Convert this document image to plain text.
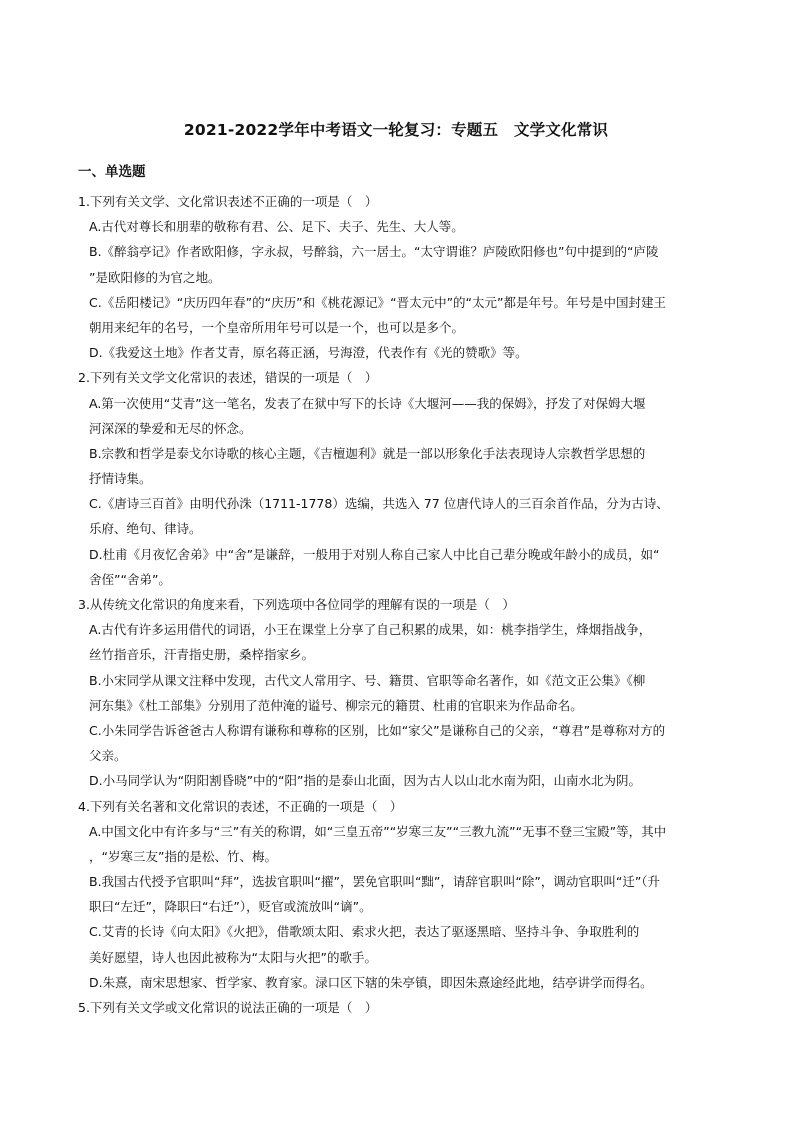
2021-2022学年中考语文一轮复习：专题五　文学文化常识
一、单选题
1.下列有关文学、文化常识表述不正确的一项是（　）
A.古代对尊长和朋辈的敬称有君、公、足下、夫子、先生、大人等。
B.《醉翁亭记》作者欧阳修，字永叔，号醉翁，六一居士。“太守谓谁？庐陵欧阳修也”句中提到的“庐陵
”是欧阳修的为官之地。
C.《岳阳楼记》“庆历四年春”的“庆历”和《桃花源记》“晋太元中”的“太元”都是年号。年号是中国封建王
朝用来纪年的名号，一个皇帝所用年号可以是一个，也可以是多个。
D.《我爱这土地》作者艾青，原名蒋正涵，号海澄，代表作有《光的赞歌》等。
2.下列有关文学文化常识的表述，错误的一项是（　）
A.第一次使用“艾青”这一笔名，发表了在狱中写下的长诗《大堰河——我的保姆》，抒发了对保姆大堰
河深深的挚爱和无尽的怀念。
B.宗教和哲学是泰戈尔诗歌的核心主题，《吉檀迦利》就是一部以形象化手法表现诗人宗教哲学思想的
抒情诗集。
C.《唐诗三百首》由明代孙洙（1711-1778）选编，共选入 77 位唐代诗人的三百余首作品，分为古诗、
乐府、绝句、律诗。
D.杜甫《月夜忆舍弟》中“舍”是谦辞，一般用于对别人称自己家人中比自己辈分晚或年龄小的成员，如“
舍侄”“舍弟”。
3.从传统文化常识的角度来看，下列选项中各位同学的理解有误的一项是（　）
A.古代有许多运用借代的词语，小王在课堂上分享了自己积累的成果，如：桃李指学生，烽烟指战争，
丝竹指音乐，汗青指史册，桑梓指家乡。
B.小宋同学从课文注释中发现，古代文人常用字、号、籍贯、官职等命名著作，如《范文正公集》《柳
河东集》《杜工部集》分别用了范仲淹的谥号、柳宗元的籍贯、杜甫的官职来为作品命名。
C.小朱同学告诉爸爸古人称谓有谦称和尊称的区别，比如“家父”是谦称自己的父亲，“尊君”是尊称对方的
父亲。
D.小马同学认为“阴阳割昏晓”中的“阳”指的是泰山北面，因为古人以山北水南为阳，山南水北为阴。
4.下列有关名著和文化常识的表述，不正确的一项是（　）
A.中国文化中有许多与“三”有关的称谓，如“三皇五帝”“岁寒三友”“三教九流”“无事不登三宝殿”等，其中
，“岁寒三友”指的是松、竹、梅。
B.我国古代授予官职叫“拜”，选拔官职叫“擢”，罢免官职叫“黜”，请辞官职叫“除”，调动官职叫“迁”（升
职曰“左迁”，降职曰“右迁”），贬官或流放叫“谪”。
C.艾青的长诗《向太阳》《火把》，借歌颂太阳、索求火把，表达了驱逐黑暗、坚持斗争、争取胜利的
美好愿望，诗人也因此被称为“太阳与火把”的歌手。
D.朱熹，南宋思想家、哲学家、教育家。渌口区下辖的朱亭镇，即因朱熹途经此地，结亭讲学而得名。
5.下列有关文学或文化常识的说法正确的一项是（　）
